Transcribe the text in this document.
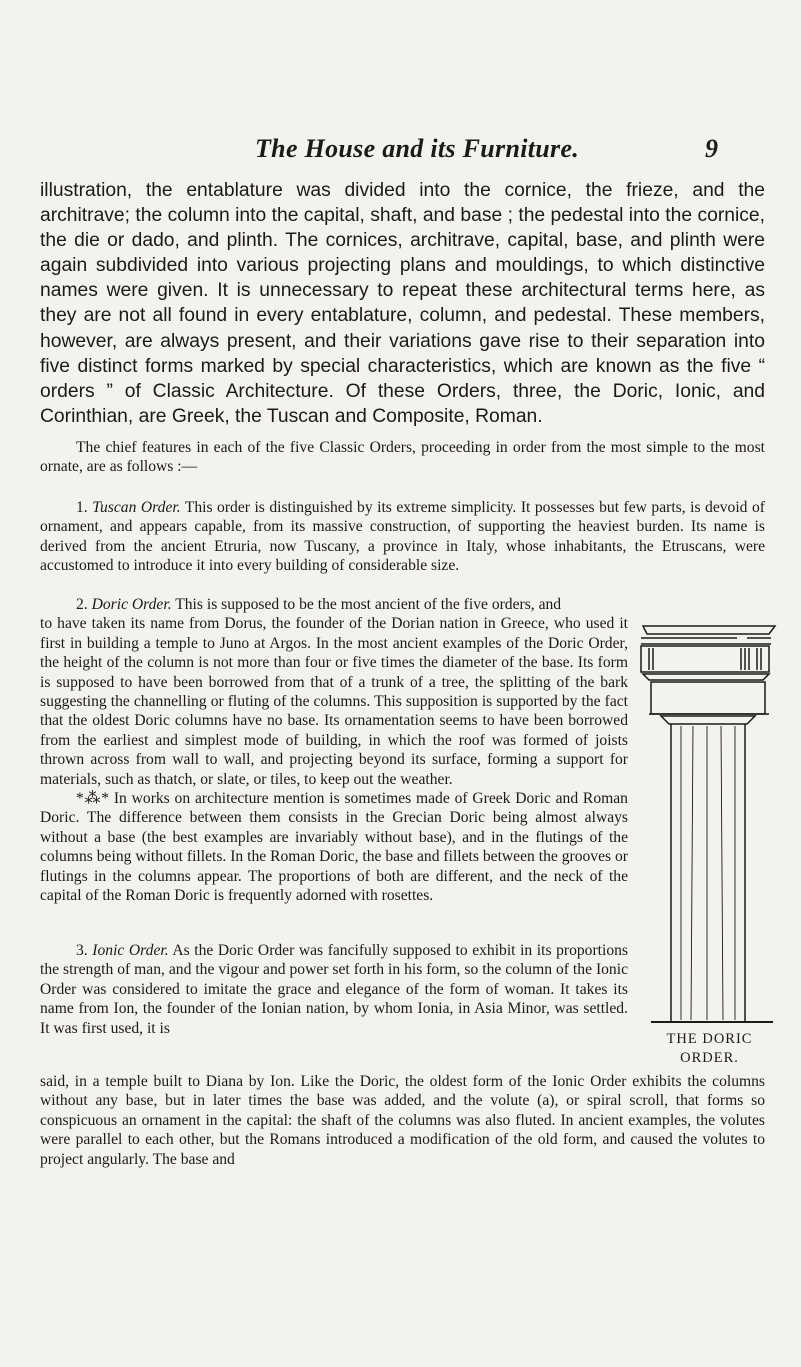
The House and its Furniture.	9

illustration, the entablature was divided into the cornice, the frieze, and the architrave; the column into the capital, shaft, and base ; the pedestal into the cornice, the die or dado, and plinth. The cornices, architrave, capital, base, and plinth were again subdivided into various projecting plans and mouldings, to which distinctive names were given. It is unnecessary to repeat these architectural terms here, as they are not all found in every entablature, column, and pedestal. These members, however, are always present, and their variations gave rise to their separation into five distinct forms marked by special characteristics, which are known as the five “ orders ” of Classic Architecture. Of these Orders, three, the Doric, Ionic, and Corinthian, are Greek, the Tuscan and Composite, Roman.

The chief features in each of the five Classic Orders, proceeding in order from the most simple to the most ornate, are as follows :—

1. Tuscan Order. This order is distinguished by its extreme simplicity. It possesses but few parts, is devoid of ornament, and appears capable, from its massive construction, of supporting the heaviest burden. Its name is derived from the ancient Etruria, now Tuscany, a province in Italy, whose inhabitants, the Etruscans, were accustomed to introduce it into every building of considerable size.

2. Doric Order. This is supposed to be the most ancient of the five orders, and

to have taken its name from Dorus, the founder of the Dorian nation in Greece, who used it first in building a temple to Juno at Argos. In the most ancient examples of the Doric Order, the height of the column is not more than four or five times the diameter of the base. Its form is supposed to have been borrowed from that of a trunk of a tree, the splitting of the bark suggesting the channelling or fluting of the columns. This supposition is supported by the fact that the oldest Doric columns have no base. Its ornamentation seems to have been borrowed from the earliest and simplest mode of building, in which the roof was formed of joists thrown across from wall to wall, and projecting beyond its surface, forming a support for materials, such as thatch, or slate, or tiles, to keep out the weather.

*⁂* In works on architecture mention is sometimes made of Greek Doric and Roman Doric. The difference between them consists in the Grecian Doric being almost always without a base (the best examples are invariably without base), and in the flutings of the columns being without fillets. In the Roman Doric, the base and fillets between the grooves or flutings in the columns appear. The proportions of both are different, and the neck of the capital of the Roman Doric is frequently adorned with rosettes.

3. Ionic Order. As the Doric Order was fancifully supposed to exhibit in its proportions the strength of man, and the vigour and power set forth in his form, so the column of the Ionic Order was considered to imitate the grace and elegance of the form of woman. It takes its name from Ion, the founder of the Ionian nation, by whom Ionia, in Asia Minor, was settled. It was first used, it is

said, in a temple built to Diana by Ion. Like the Doric, the oldest form of the Ionic Order exhibits the columns without any base, but in later times the base was added, and the volute (a), or spiral scroll, that forms so conspicuous an ornament in the capital: the shaft of the columns was also fluted. In ancient examples, the volutes were parallel to each other, but the Romans introduced a modification of the old form, and caused the volutes to project angularly. The base and

THE DORIC
ORDER.
